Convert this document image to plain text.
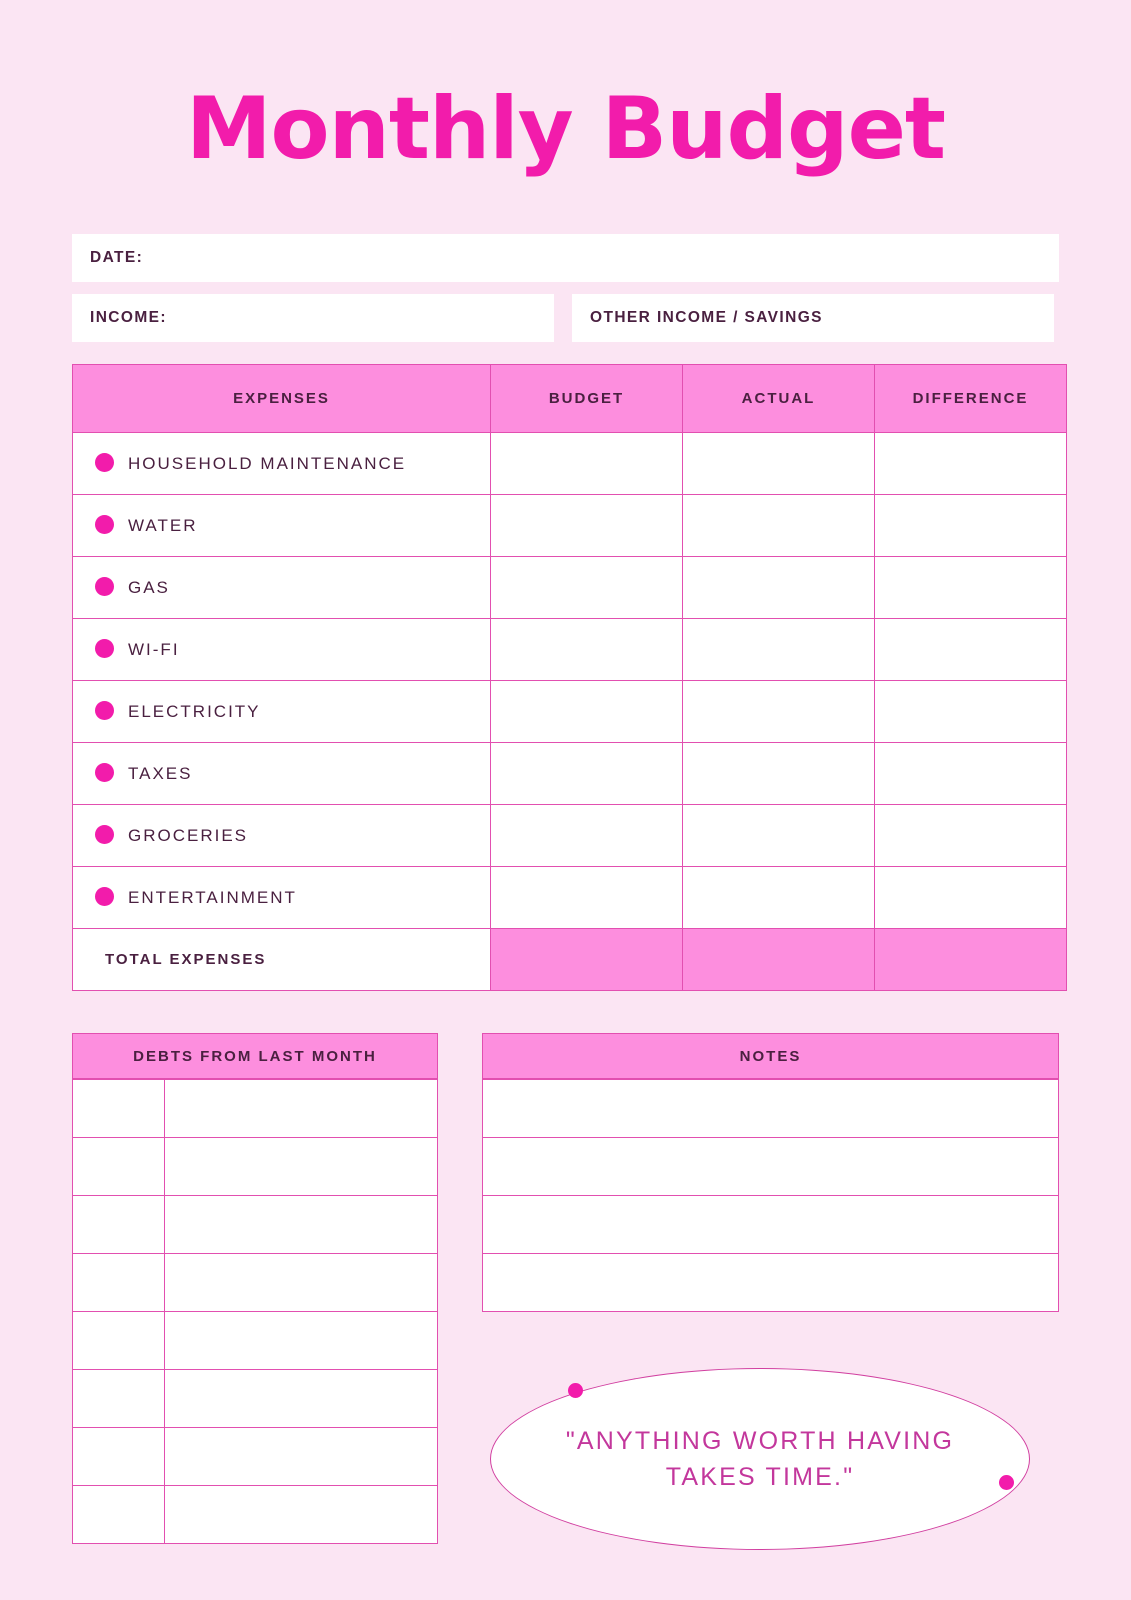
Monthly Budget
DATE:
INCOME:	OTHER INCOME / SAVINGS
EXPENSES	BUDGET	ACTUAL	DIFFERENCE
HOUSEHOLD MAINTENANCE			
WATER			
GAS			
WI-FI			
ELECTRICITY			
TAXES			
GROCERIES			
ENTERTAINMENT			
TOTAL EXPENSES			
DEBTS FROM LAST MONTH

		NOTES

"ANYTHING WORTH HAVING TAKES TIME."
